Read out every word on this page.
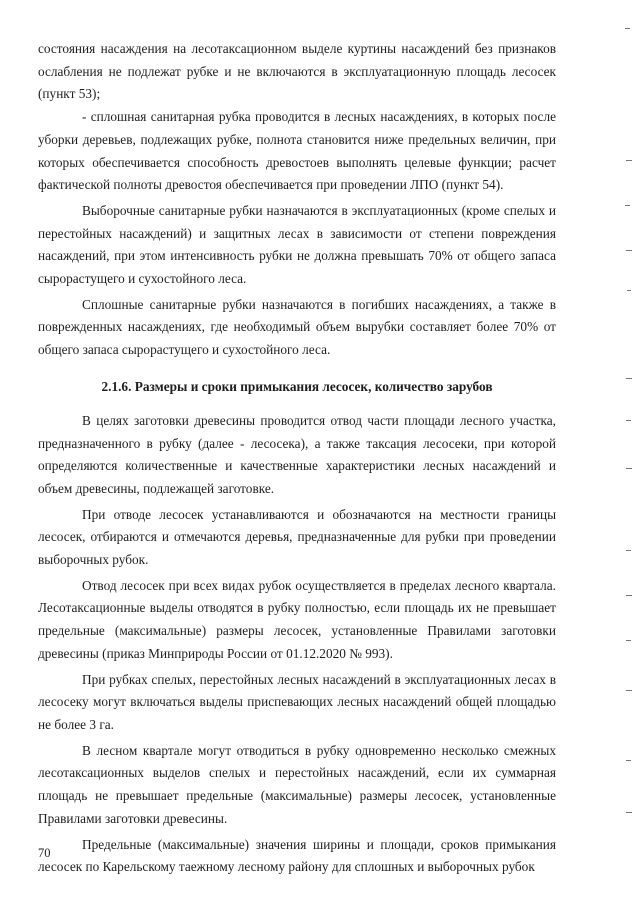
состояния насаждения на лесотаксационном выделе куртины насаждений без признаков ослабления не подлежат рубке и не включаются в эксплуатационную площадь лесосек (пункт 53);

- сплошная санитарная рубка проводится в лесных насаждениях, в которых после уборки деревьев, подлежащих рубке, полнота становится ниже предельных величин, при которых обеспечивается способность древостоев выполнять целевые функции; расчет фактической полноты древостоя обеспечивается при проведении ЛПО (пункт 54).

Выборочные санитарные рубки назначаются в эксплуатационных (кроме спелых и перестойных насаждений) и защитных лесах в зависимости от степени повреждения насаждений, при этом интенсивность рубки не должна превышать 70% от общего запаса сырорастущего и сухостойного леса.

Сплошные санитарные рубки назначаются в погибших насаждениях, а также в поврежденных насаждениях, где необходимый объем вырубки составляет более 70% от общего запаса сырорастущего и сухостойного леса.

2.1.6. Размеры и сроки примыкания лесосек, количество зарубов

В целях заготовки древесины проводится отвод части площади лесного участка, предназначенного в рубку (далее - лесосека), а также таксация лесосеки, при которой определяются количественные и качественные характеристики лесных насаждений и объем древесины, подлежащей заготовке.

При отводе лесосек устанавливаются и обозначаются на местности границы лесосек, отбираются и отмечаются деревья, предназначенные для рубки при проведении выборочных рубок.

Отвод лесосек при всех видах рубок осуществляется в пределах лесного квартала. Лесотаксационные выделы отводятся в рубку полностью, если площадь их не превышает предельные (максимальные) размеры лесосек, установленные Правилами заготовки древесины (приказ Минприроды России от 01.12.2020 № 993).

При рубках спелых, перестойных лесных насаждений в эксплуатационных лесах в лесосеку могут включаться выделы приспевающих лесных насаждений общей площадью не более 3 га.

В лесном квартале могут отводиться в рубку одновременно несколько смежных лесотаксационных выделов спелых и перестойных насаждений, если их суммарная площадь не превышает предельные (максимальные) размеры лесосек, установленные Правилами заготовки древесины.

Предельные (максимальные) значения ширины и площади, сроков примыкания лесосек по Карельскому таежному лесному району для сплошных и выборочных рубок

70
